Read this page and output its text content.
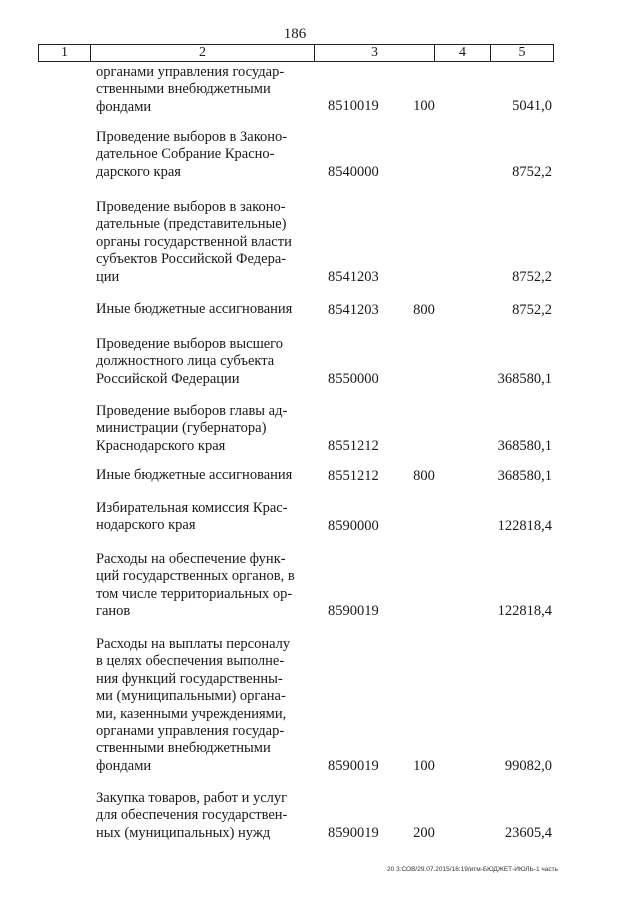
186
1	2	3	4	5
органами управления государ-
ственными внебюджетными
фондами	8510019 100	5041,0
Проведение выборов в Законо-
дательное Собрание Красно-
дарского края	8540000	8752,2
Проведение выборов в законо-
дательные (представительные)
органы государственной власти
субъектов Российской Федера-
ции	8541203	8752,2
Иные бюджетные ассигнования	8541203 800	8752,2
Проведение выборов высшего
должностного лица субъекта
Российской Федерации	8550000	368580,1
Проведение выборов главы ад-
министрации (губернатора)
Краснодарского края	8551212	368580,1
Иные бюджетные ассигнования	8551212 800	368580,1
Избирательная комиссия Крас-
нодарского края	8590000	122818,4
Расходы на обеспечение функ-
ций государственных органов, в
том числе территориальных ор-
ганов	8590019	122818,4
Расходы на выплаты персоналу
в целях обеспечения выполне-
ния функций государственны-
ми (муниципальными) органа-
ми, казенными учреждениями,
органами управления государ-
ственными внебюджетными
фондами	8590019 100	99082,0
Закупка товаров, работ и услуг
для обеспечения государствен-
ных (муниципальных) нужд	8590019 200	23605,4
20 3:СОВ/29.07.2015/16:19/итм-БЮДЖЕТ-ИЮЛЬ-1 часть
